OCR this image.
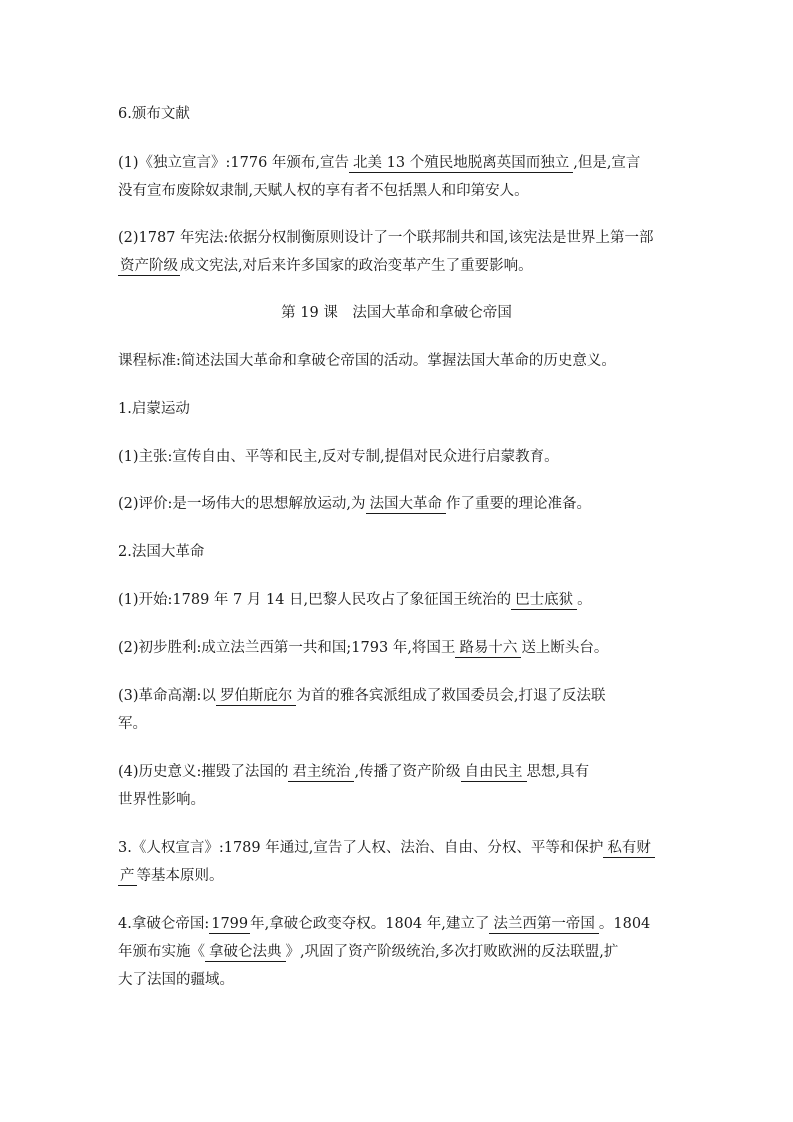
6.颁布文献
(1)《独立宣言》:1776 年颁布,宣告 北美 13 个殖民地脱离英国而独立 ,但是,宣言
没有宣布废除奴隶制,天赋人权的享有者不包括黑人和印第安人。
(2)1787 年宪法:依据分权制衡原则设计了一个联邦制共和国,该宪法是世界上第一部
资产阶级 成文宪法,对后来许多国家的政治变革产生了重要影响。
第 19 课　法国大革命和拿破仑帝国
课程标准:简述法国大革命和拿破仑帝国的活动。掌握法国大革命的历史意义。
1.启蒙运动
(1)主张:宣传自由、平等和民主,反对专制,提倡对民众进行启蒙教育。
(2)评价:是一场伟大的思想解放运动,为 法国大革命 作了重要的理论准备。
2.法国大革命
(1)开始:1789 年 7 月 14 日,巴黎人民攻占了象征国王统治的 巴士底狱 。
(2)初步胜利:成立法兰西第一共和国;1793 年,将国王 路易十六 送上断头台。
(3)革命高潮:以 罗伯斯庇尔 为首的雅各宾派组成了救国委员会,打退了反法联
军。
(4)历史意义:摧毁了法国的 君主统治 ,传播了资产阶级 自由民主 思想,具有
世界性影响。
3.《人权宣言》:1789 年通过,宣告了人权、法治、自由、分权、平等和保护 私有财
产 等基本原则。
4.拿破仑帝国: 1799 年,拿破仑政变夺权。1804 年,建立了 法兰西第一帝国 。1804
年颁布实施《 拿破仑法典 》,巩固了资产阶级统治,多次打败欧洲的反法联盟,扩
大了法国的疆域。
